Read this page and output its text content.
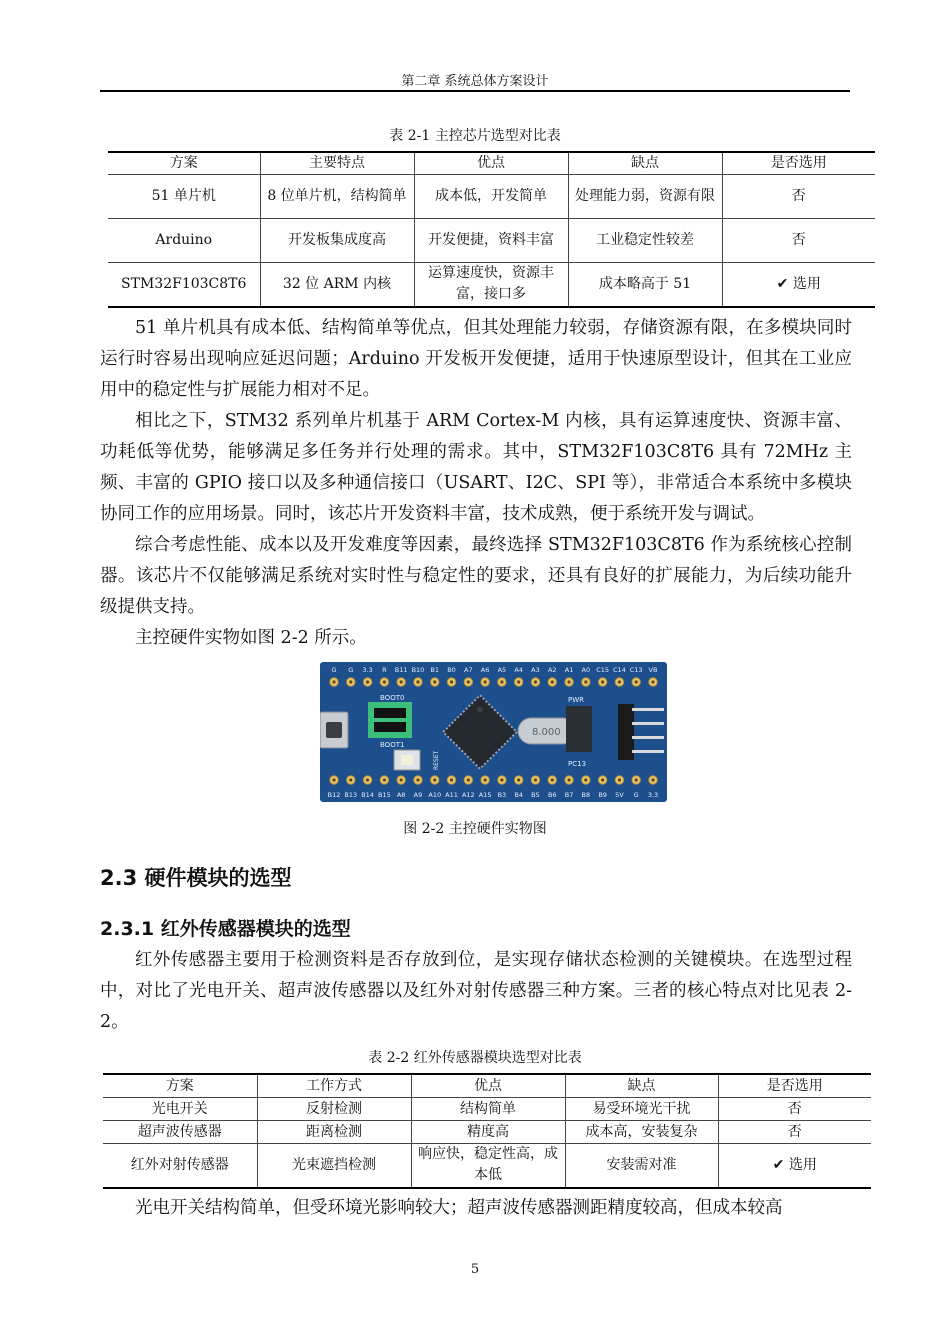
第二章 系统总体方案设计
表 2-1 主控芯片选型对比表
方案	主要特点	优点	缺点	是否选用
51 单片机	8 位单片机，结构简单	成本低，开发简单	处理能力弱，资源有限	否
Arduino	开发板集成度高	开发便捷，资料丰富	工业稳定性较差	否
STM32F103C8T6	32 位 ARM 内核	运算速度快，资源丰富，接口多	成本略高于 51	✔ 选用

51 单片机具有成本低、结构简单等优点，但其处理能力较弱，存储资源有限，在多模块同时运行时容易出现响应延迟问题；Arduino 开发板开发便捷，适用于快速原型设计，但其在工业应用中的稳定性与扩展能力相对不足。

相比之下，STM32 系列单片机基于 ARM Cortex-M 内核，具有运算速度快、资源丰富、功耗低等优势，能够满足多任务并行处理的需求。其中，STM32F103C8T6 具有 72MHz 主频、丰富的 GPIO 接口以及多种通信接口（USART、I2C、SPI 等），非常适合本系统中多模块协同工作的应用场景。同时，该芯片开发资料丰富，技术成熟，便于系统开发与调试。

综合考虑性能、成本以及开发难度等因素，最终选择 STM32F103C8T6 作为系统核心控制器。该芯片不仅能够满足系统对实时性与稳定性的要求，还具有良好的扩展能力，为后续功能升级提供支持。

主控硬件实物如图 2-2 所示。

G G 3.3 R B11 B10 B1 B0 A7 A6 A5 A4 A3 A2 A1 A0 C15 C14 C13 VB
B12 B13 B14 B15 A8 A9 A10 A11 A12 A15 B3 B4 B5 B6 B7 B8 B9 5V G 3.3
BOOT0
BOOT1
RESET
8.000
PWR
PC13
图 2-2 主控硬件实物图
2.3 硬件模块的选型
2.3.1 红外传感器模块的选型

红外传感器主要用于检测资料是否存放到位，是实现存储状态检测的关键模块。在选型过程中，对比了光电开关、超声波传感器以及红外对射传感器三种方案。三者的核心特点对比见表 2-2。

表 2-2 红外传感器模块选型对比表
方案	工作方式	优点	缺点	是否选用
光电开关	反射检测	结构简单	易受环境光干扰	否
超声波传感器	距离检测	精度高	成本高，安装复杂	否
红外对射传感器	光束遮挡检测	响应快，稳定性高，成本低	安装需对准	✔ 选用

光电开关结构简单，但受环境光影响较大；超声波传感器测距精度较高，但成本较高

5
